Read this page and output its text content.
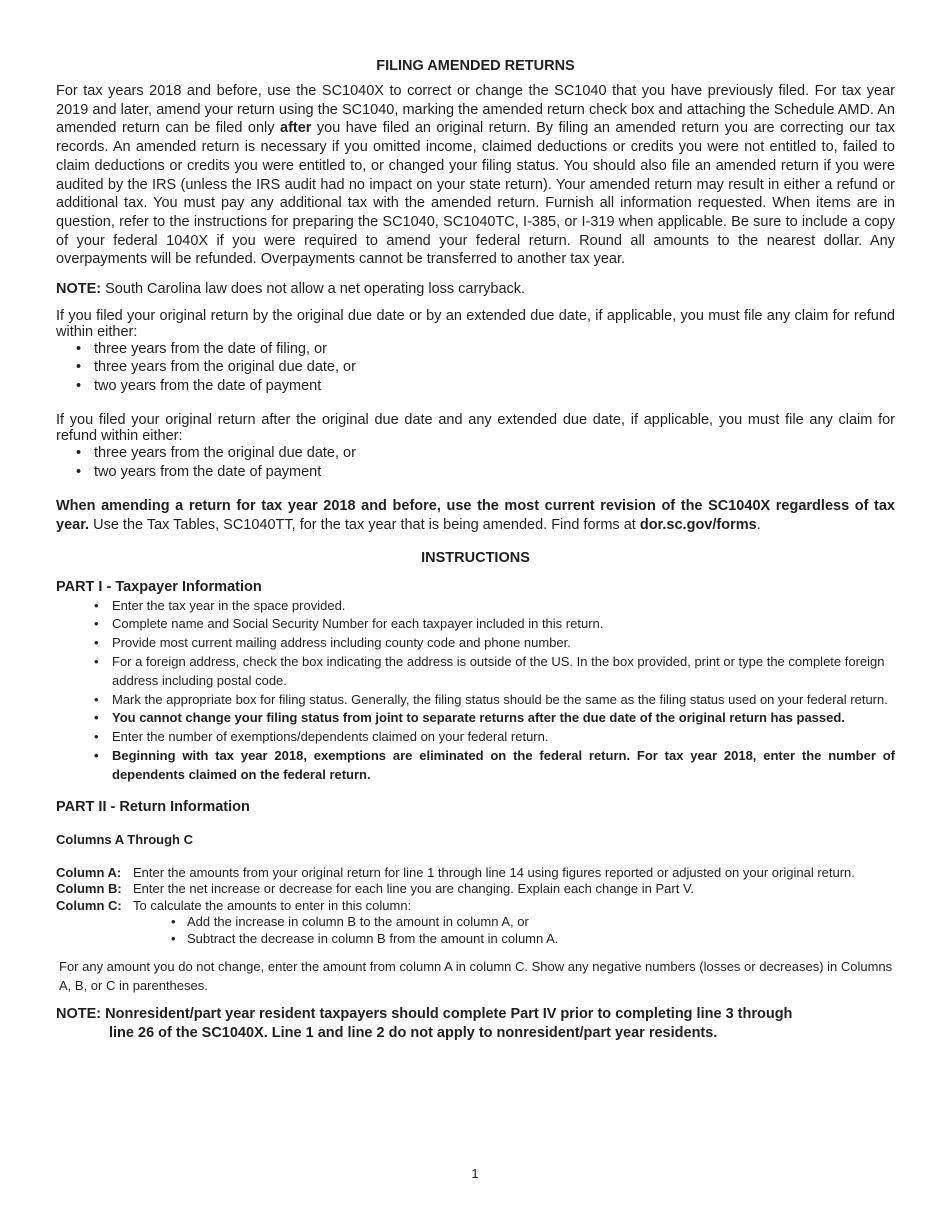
FILING AMENDED RETURNS

For tax years 2018 and before, use the SC1040X to correct or change the SC1040 that you have previously filed. For tax year 2019 and later, amend your return using the SC1040, marking the amended return check box and attaching the Schedule AMD. An amended return can be filed only after you have filed an original return. By filing an amended return you are correcting our tax records. An amended return is necessary if you omitted income, claimed deductions or credits you were not entitled to, failed to claim deductions or credits you were entitled to, or changed your filing status. You should also file an amended return if you were audited by the IRS (unless the IRS audit had no impact on your state return). Your amended return may result in either a refund or additional tax. You must pay any additional tax with the amended return. Furnish all information requested. When items are in question, refer to the instructions for preparing the SC1040, SC1040TC, I-385, or I-319 when applicable. Be sure to include a copy of your federal 1040X if you were required to amend your federal return. Round all amounts to the nearest dollar. Any overpayments will be refunded. Overpayments cannot be transferred to another tax year.

NOTE: South Carolina law does not allow a net operating loss carryback.

If you filed your original return by the original due date or by an extended due date, if applicable, you must file any claim for refund within either:

• three years from the date of filing, or
• three years from the original due date, or
• two years from the date of payment

If you filed your original return after the original due date and any extended due date, if applicable, you must file any claim for refund within either:

• three years from the original due date, or
• two years from the date of payment

When amending a return for tax year 2018 and before, use the most current revision of the SC1040X regardless of tax year. Use the Tax Tables, SC1040TT, for the tax year that is being amended. Find forms at dor.sc.gov/forms.

INSTRUCTIONS
PART I - Taxpayer Information
• Enter the tax year in the space provided.
• Complete name and Social Security Number for each taxpayer included in this return.
• Provide most current mailing address including county code and phone number.
• For a foreign address, check the box indicating the address is outside of the US. In the box provided, print or type the complete foreign address including postal code.
• Mark the appropriate box for filing status. Generally, the filing status should be the same as the filing status used on your federal return.
• You cannot change your filing status from joint to separate returns after the due date of the original return has passed.
• Enter the number of exemptions/dependents claimed on your federal return.
• Beginning with tax year 2018, exemptions are eliminated on the federal return. For tax year 2018, enter the number of dependents claimed on the federal return.
PART II - Return Information
Columns A Through C
Column A: Enter the amounts from your original return for line 1 through line 14 using figures reported or adjusted on your original return.
Column B: Enter the net increase or decrease for each line you are changing. Explain each change in Part V.
Column C: To calculate the amounts to enter in this column:
• Add the increase in column B to the amount in column A, or
• Subtract the decrease in column B from the amount in column A.

For any amount you do not change, enter the amount from column A in column C. Show any negative numbers (losses or decreases) in Columns A, B, or C in parentheses.

NOTE: Nonresident/part year resident taxpayers should complete Part IV prior to completing line 3 through
line 26 of the SC1040X. Line 1 and line 2 do not apply to nonresident/part year residents.
1
